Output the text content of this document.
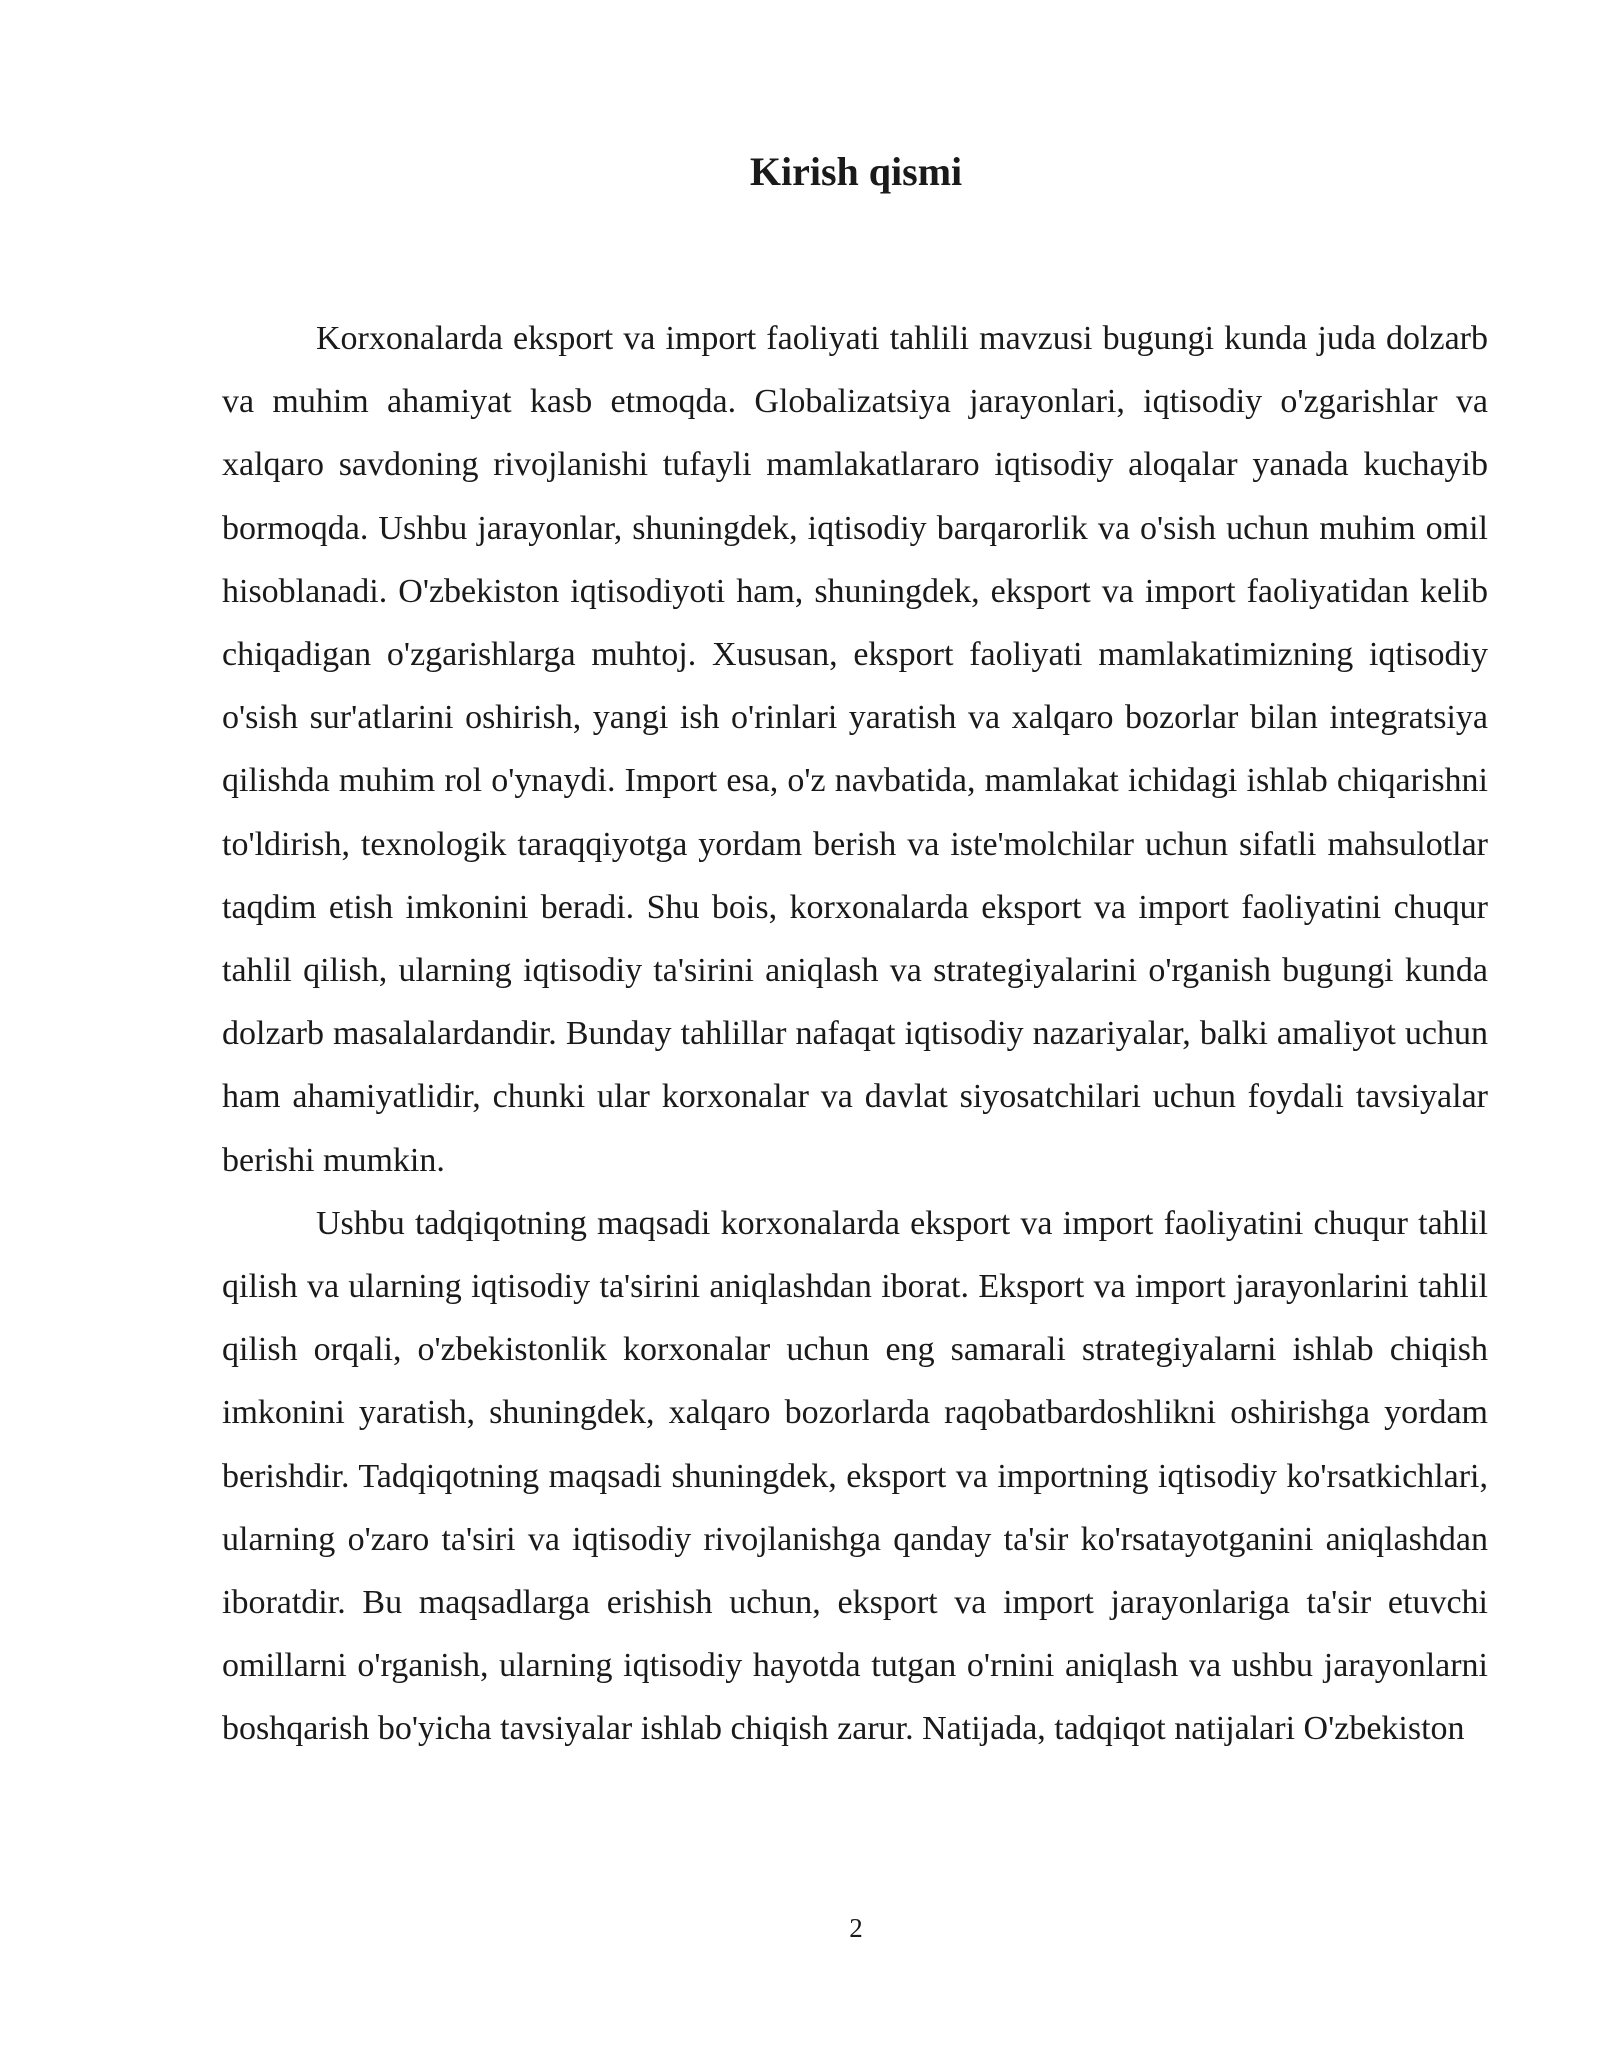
Kirish qismi

Korxonalarda eksport va import faoliyati tahlili mavzusi bugungi kunda juda dolzarb va muhim ahamiyat kasb etmoqda. Globalizatsiya jarayonlari, iqtisodiy o'zgarishlar va xalqaro savdoning rivojlanishi tufayli mamlakatlararo iqtisodiy aloqalar yanada kuchayib bormoqda. Ushbu jarayonlar, shuningdek, iqtisodiy barqarorlik va o'sish uchun muhim omil hisoblanadi. O'zbekiston iqtisodiyoti ham, shuningdek, eksport va import faoliyatidan kelib chiqadigan o'zgarishlarga muhtoj. Xususan, eksport faoliyati mamlakatimizning iqtisodiy o'sish sur'atlarini oshirish, yangi ish o'rinlari yaratish va xalqaro bozorlar bilan integratsiya qilishda muhim rol o'ynaydi. Import esa, o'z navbatida, mamlakat ichidagi ishlab chiqarishni to'ldirish, texnologik taraqqiyotga yordam berish va iste'molchilar uchun sifatli mahsulotlar taqdim etish imkonini beradi. Shu bois, korxonalarda eksport va import faoliyatini chuqur tahlil qilish, ularning iqtisodiy ta'sirini aniqlash va strategiyalarini o'rganish bugungi kunda dolzarb masalalardandir. Bunday tahlillar nafaqat iqtisodiy nazariyalar, balki amaliyot uchun ham ahamiyatlidir, chunki ular korxonalar va davlat siyosatchilari uchun foydali tavsiyalar berishi mumkin.

Ushbu tadqiqotning maqsadi korxonalarda eksport va import faoliyatini chuqur tahlil qilish va ularning iqtisodiy ta'sirini aniqlashdan iborat. Eksport va import jarayonlarini tahlil qilish orqali, o'zbekistonlik korxonalar uchun eng samarali strategiyalarni ishlab chiqish imkonini yaratish, shuningdek, xalqaro bozorlarda raqobatbardoshlikni oshirishga yordam berishdir. Tadqiqotning maqsadi shuningdek, eksport va importning iqtisodiy ko'rsatkichlari, ularning o'zaro ta'siri va iqtisodiy rivojlanishga qanday ta'sir ko'rsatayotganini aniqlashdan iboratdir. Bu maqsadlarga erishish uchun, eksport va import jarayonlariga ta'sir etuvchi omillarni o'rganish, ularning iqtisodiy hayotda tutgan o'rnini aniqlash va ushbu jarayonlarni boshqarish bo'yicha tavsiyalar ishlab chiqish zarur. Natijada, tadqiqot natijalari O'zbekiston

2
